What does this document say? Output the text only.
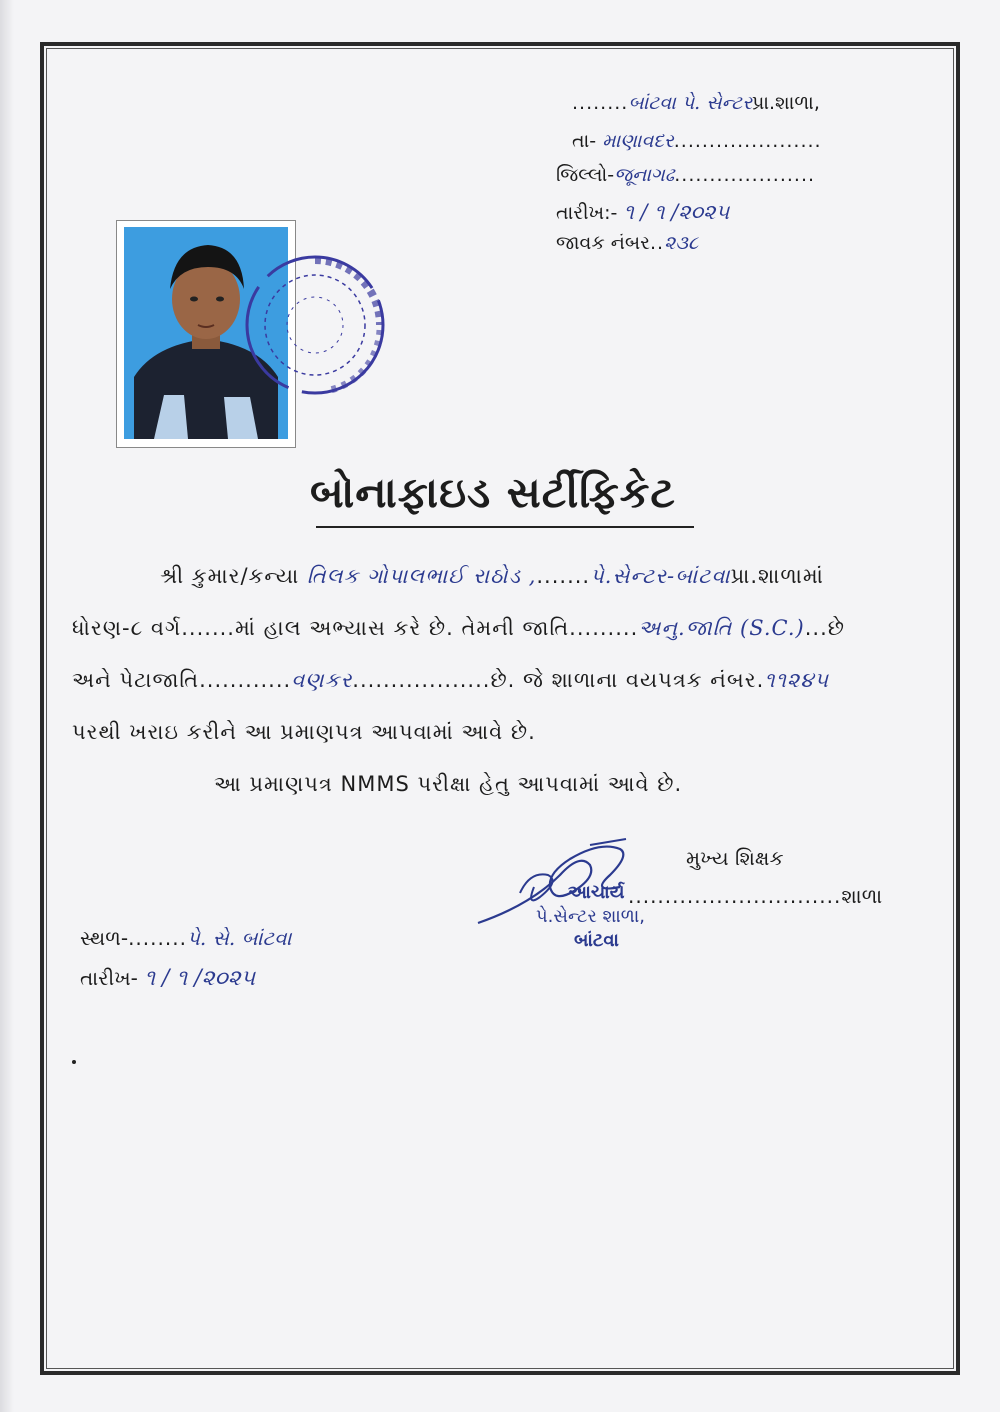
........બાંટવા પે. સેન્ટરપ્રા.શાળા,
તા- માણાવદર.....................
જિલ્લો-જૂનાગઢ....................
તારીખ:- ૧ / ૧ /૨૦૨૫
જાવક નંબર..૨૩૮
બોનાફાઇડ સર્ટીફિકેટ
શ્રી કુમાર/કન્યા તિલક ગોપાલભાઈ રાઠોડ ,.......પે.સેન્ટર-બાંટવાપ્રા.શાળામાં
ધોરણ-૮ વર્ગ.......માં હાલ અભ્યાસ કરે છે. તેમની જાતિ.........અનુ.જાતિ (S.C.)...છે
અને પેટાજાતિ............વણકર..................છે. જે શાળાના વયપત્રક નંબર.૧૧૨૪૫
પરથી ખરાઇ કરીને આ પ્રમાણપત્ર આપવામાં આવે છે.
આ પ્રમાણપત્ર NMMS પરીક્ષા હેતુ આપવામાં આવે છે.
મુખ્ય શિક્ષક
.............................શાળા
આચાર્ય
પે.સેન્ટર શાળા,
બાંટવા
સ્થળ-........પે. સે. બાંટવા
તારીખ- ૧ / ૧ /૨૦૨૫
